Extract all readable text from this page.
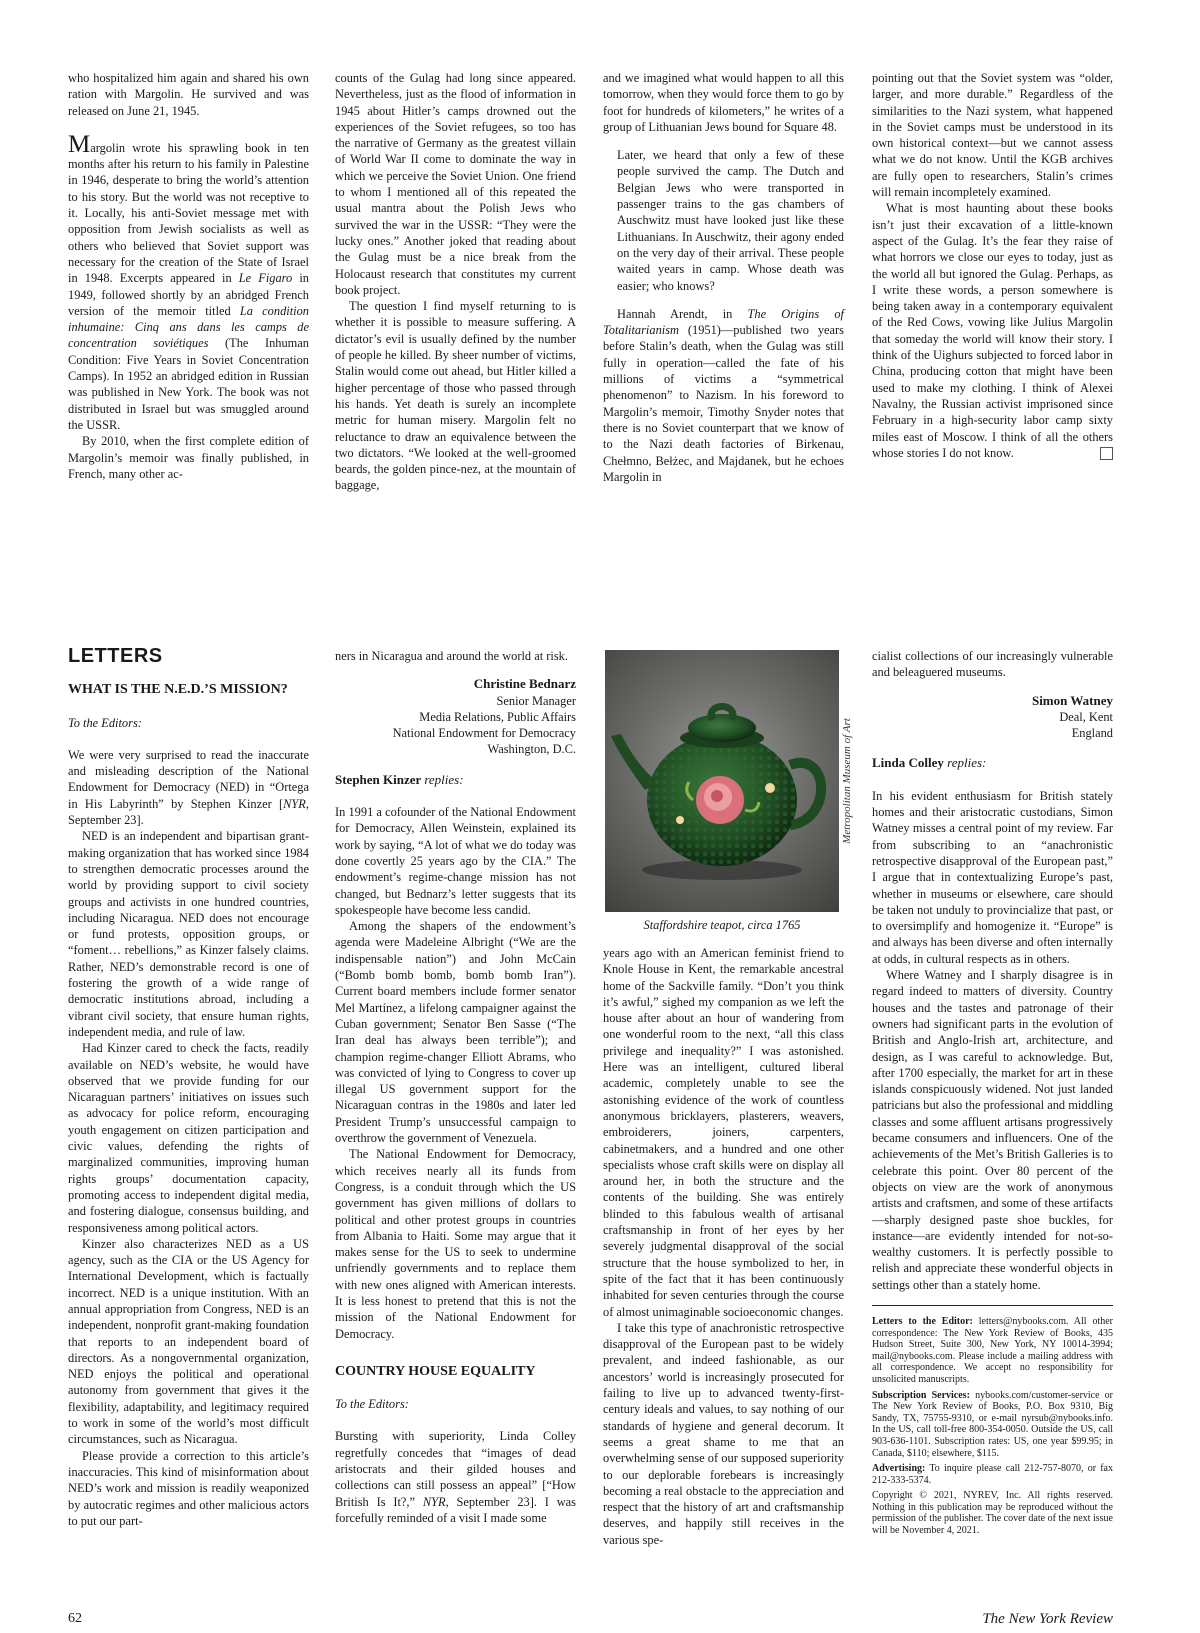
who hospitalized him again and shared his own ration with Margolin. He survived and was released on June 21, 1945.

Margolin wrote his sprawling book in ten months after his return to his family in Palestine in 1946, desperate to bring the world’s attention to his story. But the world was not receptive to it. Locally, his anti-Soviet message met with opposition from Jewish socialists as well as others who believed that Soviet support was necessary for the creation of the State of Israel in 1948. Excerpts appeared in Le Figaro in 1949, followed shortly by an abridged French version of the memoir titled La condition inhumaine: Cinq ans dans les camps de concentration soviétiques (The Inhuman Condition: Five Years in Soviet Concentration Camps). In 1952 an abridged edition in Russian was published in New York. The book was not distributed in Israel but was smuggled around the USSR.

By 2010, when the first complete edition of Margolin’s memoir was finally published, in French, many other ac-

counts of the Gulag had long since appeared. Nevertheless, just as the flood of information in 1945 about Hitler’s camps drowned out the experiences of the Soviet refugees, so too has the narrative of Germany as the greatest villain of World War II come to dominate the way in which we perceive the Soviet Union. One friend to whom I mentioned all of this repeated the usual mantra about the Polish Jews who survived the war in the USSR: “They were the lucky ones.” Another joked that reading about the Gulag must be a nice break from the Holocaust research that constitutes my current book project.

The question I find myself returning to is whether it is possible to measure suffering. A dictator’s evil is usually defined by the number of people he killed. By sheer number of victims, Stalin would come out ahead, but Hitler killed a higher percentage of those who passed through his hands. Yet death is surely an incomplete metric for human misery. Margolin felt no reluctance to draw an equivalence between the two dictators. “We looked at the well-groomed beards, the golden pince-nez, at the mountain of baggage,

and we imagined what would happen to all this tomorrow, when they would force them to go by foot for hundreds of kilometers,” he writes of a group of Lithuanian Jews bound for Square 48.

Later, we heard that only a few of these people survived the camp. The Dutch and Belgian Jews who were transported in passenger trains to the gas chambers of Auschwitz must have looked just like these Lithuanians. In Auschwitz, their agony ended on the very day of their arrival. These people waited years in camp. Whose death was easier; who knows?

Hannah Arendt, in The Origins of Totalitarianism (1951)—published two years before Stalin’s death, when the Gulag was still fully in operation—called the fate of his millions of victims a “symmetrical phenomenon” to Nazism. In his foreword to Margolin’s memoir, Timothy Snyder notes that there is no Soviet counterpart that we know of to the Nazi death factories of Birkenau, Chełmno, Bełżec, and Majdanek, but he echoes Margolin in

pointing out that the Soviet system was “older, larger, and more durable.” Regardless of the similarities to the Nazi system, what happened in the Soviet camps must be understood in its own historical context—but we cannot assess what we do not know. Until the KGB archives are fully open to researchers, Stalin’s crimes will remain incompletely examined.

What is most haunting about these books isn’t just their excavation of a little-known aspect of the Gulag. It’s the fear they raise of what horrors we close our eyes to today, just as the world all but ignored the Gulag. Perhaps, as I write these words, a person somewhere is being taken away in a contemporary equivalent of the Red Cows, vowing like Julius Margolin that someday the world will know their story. I think of the Uighurs subjected to forced labor in China, producing cotton that might have been used to make my clothing. I think of Alexei Navalny, the Russian activist imprisoned since February in a high-security labor camp sixty miles east of Moscow. I think of all the others whose stories I do not know.

LETTERS
WHAT IS THE N.E.D.’S MISSION?
To the Editors:

We were very surprised to read the inaccurate and misleading description of the National Endowment for Democracy (NED) in “Ortega in His Labyrinth” by Stephen Kinzer [NYR, September 23].

NED is an independent and bipartisan grant-making organization that has worked since 1984 to strengthen democratic processes around the world by providing support to civil society groups and activists in one hundred countries, including Nicaragua. NED does not encourage or fund protests, opposition groups, or “foment… rebellions,” as Kinzer falsely claims. Rather, NED’s demonstrable record is one of fostering the growth of a wide range of democratic institutions abroad, including a vibrant civil society, that ensure human rights, independent media, and rule of law.

Had Kinzer cared to check the facts, readily available on NED’s website, he would have observed that we provide funding for our Nicaraguan partners’ initiatives on issues such as advocacy for police reform, encouraging youth engagement on citizen participation and civic values, defending the rights of marginalized communities, improving human rights groups’ documentation capacity, promoting access to independent digital media, and fostering dialogue, consensus building, and responsiveness among political actors.

Kinzer also characterizes NED as a US agency, such as the CIA or the US Agency for International Development, which is factually incorrect. NED is a unique institution. With an annual appropriation from Congress, NED is an independent, nonprofit grant-making foundation that reports to an independent board of directors. As a nongovernmental organization, NED enjoys the political and operational autonomy from government that gives it the flexibility, adaptability, and legitimacy required to work in some of the world’s most difficult circumstances, such as Nicaragua.

Please provide a correction to this article’s inaccuracies. This kind of misinformation about NED’s work and mission is readily weaponized by autocratic regimes and other malicious actors to put our part-

ners in Nicaragua and around the world at risk.

Christine Bednarz
Senior Manager
Media Relations, Public Affairs
National Endowment for Democracy
Washington, D.C.
Stephen Kinzer replies:

In 1991 a cofounder of the National Endowment for Democracy, Allen Weinstein, explained its work by saying, “A lot of what we do today was done covertly 25 years ago by the CIA.” The endowment’s regime-change mission has not changed, but Bednarz’s letter suggests that its spokespeople have become less candid.

Among the shapers of the endowment’s agenda were Madeleine Albright (“We are the indispensable nation”) and John McCain (“Bomb bomb bomb, bomb bomb Iran”). Current board members include former senator Mel Martínez, a lifelong campaigner against the Cuban government; Senator Ben Sasse (“The Iran deal has always been terrible”); and champion regime-changer Elliott Abrams, who was convicted of lying to Congress to cover up illegal US government support for the Nicaraguan contras in the 1980s and later led President Trump’s unsuccessful campaign to overthrow the government of Venezuela.

The National Endowment for Democracy, which receives nearly all its funds from Congress, is a conduit through which the US government has given millions of dollars to political and other protest groups in countries from Albania to Haiti. Some may argue that it makes sense for the US to seek to undermine unfriendly governments and to replace them with new ones aligned with American interests. It is less honest to pretend that this is not the mission of the National Endowment for Democracy.

COUNTRY HOUSE EQUALITY
To the Editors:

Bursting with superiority, Linda Colley regretfully concedes that “images of dead aristocrats and their gilded houses and collections can still possess an appeal” [“How British Is It?,” NYR, September 23]. I was forcefully reminded of a visit I made some

Metropolitan Museum of Art
Staffordshire teapot, circa 1765

years ago with an American feminist friend to Knole House in Kent, the remarkable ancestral home of the Sackville family. “Don’t you think it’s awful,” sighed my companion as we left the house after about an hour of wandering from one wonderful room to the next, “all this class privilege and inequality?” I was astonished. Here was an intelligent, cultured liberal academic, completely unable to see the astonishing evidence of the work of countless anonymous bricklayers, plasterers, weavers, embroiderers, joiners, carpenters, cabinetmakers, and a hundred and one other specialists whose craft skills were on display all around her, in both the structure and the contents of the building. She was entirely blinded to this fabulous wealth of artisanal craftsmanship in front of her eyes by her severely judgmental disapproval of the social structure that the house symbolized to her, in spite of the fact that it has been continuously inhabited for seven centuries through the course of almost unimaginable socioeconomic changes.

I take this type of anachronistic retrospective disapproval of the European past to be widely prevalent, and indeed fashionable, as our ancestors’ world is increasingly prosecuted for failing to live up to advanced twenty-first-century ideals and values, to say nothing of our standards of hygiene and general decorum. It seems a great shame to me that an overwhelming sense of our supposed superiority to our deplorable forebears is increasingly becoming a real obstacle to the appreciation and respect that the history of art and craftsmanship deserves, and happily still receives in the various spe-

cialist collections of our increasingly vulnerable and beleaguered museums.

Simon Watney
Deal, Kent
England
Linda Colley replies:

In his evident enthusiasm for British stately homes and their aristocratic custodians, Simon Watney misses a central point of my review. Far from subscribing to an “anachronistic retrospective disapproval of the European past,” I argue that in contextualizing Europe’s past, whether in museums or elsewhere, care should be taken not unduly to provincialize that past, or to oversimplify and homogenize it. “Europe” is and always has been diverse and often internally at odds, in cultural respects as in others.

Where Watney and I sharply disagree is in regard indeed to matters of diversity. Country houses and the tastes and patronage of their owners had significant parts in the evolution of British and Anglo-Irish art, architecture, and design, as I was careful to acknowledge. But, after 1700 especially, the market for art in these islands conspicuously widened. Not just landed patricians but also the professional and middling classes and some affluent artisans progressively became consumers and influencers. One of the achievements of the Met’s British Galleries is to celebrate this point. Over 80 percent of the objects on view are the work of anonymous artists and craftsmen, and some of these artifacts—sharply designed paste shoe buckles, for instance—are evidently intended for not-so-wealthy customers. It is perfectly possible to relish and appreciate these wonderful objects in settings other than a stately home.

Letters to the Editor: letters@nybooks.com. All other correspondence: The New York Review of Books, 435 Hudson Street, Suite 300, New York, NY 10014-3994; mail@nybooks.com. Please include a mailing address with all correspondence. We accept no responsibility for unsolicited manuscripts.

Subscription Services: nybooks.com/customer-service or The New York Review of Books, P.O. Box 9310, Big Sandy, TX, 75755-9310, or e-mail nyrsub@nybooks.info. In the US, call toll-free 800-354-0050. Outside the US, call 903-636-1101. Subscription rates: US, one year $99.95; in Canada, $110; elsewhere, $115.

Advertising: To inquire please call 212-757-8070, or fax 212-333-5374.

Copyright © 2021, NYREV, Inc. All rights reserved. Nothing in this publication may be reproduced without the permission of the publisher. The cover date of the next issue will be November 4, 2021.

62	The New York Review
